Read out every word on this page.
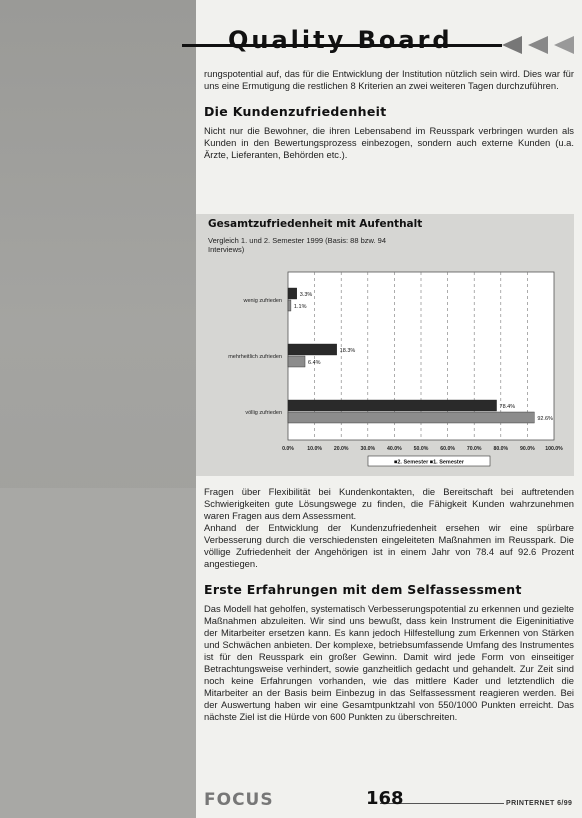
Quality Board

rungspotential auf, das für die Entwicklung der Institution nützlich sein wird. Dies war für uns eine Ermutigung die restlichen 8 Kriterien an zwei weiteren Tagen durchzuführen.

Die Kundenzufriedenheit

Nicht nur die Bewohner, die ihren Lebensabend im Reusspark verbringen wurden als Kunden in den Bewertungsprozess einbezogen, sondern auch externe Kunden (u.a. Ärzte, Lieferanten, Behörden etc.).

Gesamtzufriedenheit mit Aufenthalt
Vergleich 1. und 2. Semester 1999 (Basis: 88 bzw. 94 Interviews)
wenig zufrieden
3.3%
1.1%
mehrheitlich zufrieden
18.3%
6.4%
völlig zufrieden
78.4%
92.6%
0.0%	10.0% 20.0% 30.0% 40.0% 50.0% 60.0% 70.0% 80.0% 90.0% 100.0%
■2. Semester ■1. Semester

Fragen über Flexibilität bei Kundenkontakten, die Bereitschaft bei auftretenden Schwierigkeiten gute Lösungswege zu finden, die Fähigkeit Kunden wahrzunehmen waren Fragen aus dem Assessment.

Anhand der Entwicklung der Kundenzufriedenheit ersehen wir eine spürbare Verbesserung durch die verschiedensten eingeleiteten Maßnahmen im Reusspark. Die völlige Zufriedenheit der Angehörigen ist in einem Jahr von 78.4 auf 92.6 Prozent angestiegen.

Erste Erfahrungen mit dem Selfassessment

Das Modell hat geholfen, systematisch Verbesserungspotential zu erkennen und gezielte Maßnahmen abzuleiten. Wir sind uns bewußt, dass kein Instrument die Eigeninitiative der Mitarbeiter ersetzen kann. Es kann jedoch Hilfestellung zum Erkennen von Stärken und Schwächen anbieten. Der komplexe, betriebsumfassende Umfang des Instrumentes ist für den Reusspark ein großer Gewinn. Damit wird jede Form von einseitiger Betrachtungsweise verhindert, sowie ganzheitlich gedacht und gehandelt. Zur Zeit sind noch keine Erfahrungen vorhanden, wie das mittlere Kader und letztendlich die Mitarbeiter an der Basis beim Einbezug in das Selfassessment reagieren werden. Bei der Auswertung haben wir eine Gesamtpunktzahl von 550/1000 Punkten erreicht. Das nächste Ziel ist die Hürde von 600 Punkten zu überschreiten.

FOCUS	168	PRINTERNET 6/99
